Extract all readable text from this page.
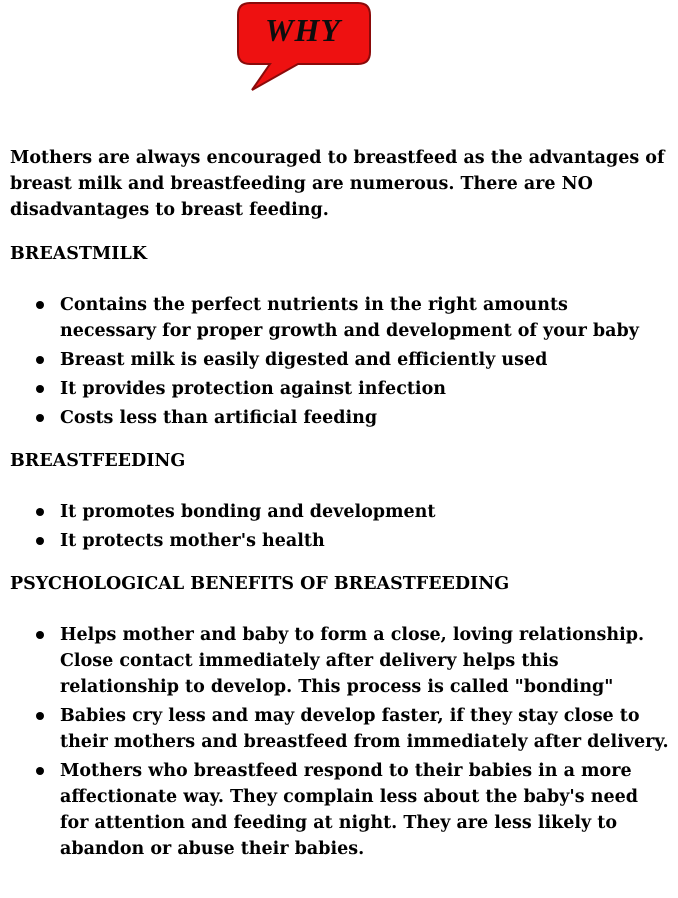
WHY

Mothers are always encouraged to breastfeed as the advantages of breast milk and breastfeeding are numerous. There are NO disadvantages to breast feeding.

BREASTMILK
Contains the perfect nutrients in the right amounts necessary for proper growth and development of your baby
Breast milk is easily digested and efficiently used
It provides protection against infection
Costs less than artificial feeding
BREASTFEEDING
It promotes bonding and development
It protects mother's health
PSYCHOLOGICAL BENEFITS OF BREASTFEEDING
Helps mother and baby to form a close, loving relationship. Close contact immediately after delivery helps this relationship to develop. This process is called "bonding"
Babies cry less and may develop faster, if they stay close to their mothers and breastfeed from immediately after delivery.
Mothers who breastfeed respond to their babies in a more affectionate way. They complain less about the baby's need for attention and feeding at night. They are less likely to abandon or abuse their babies.
